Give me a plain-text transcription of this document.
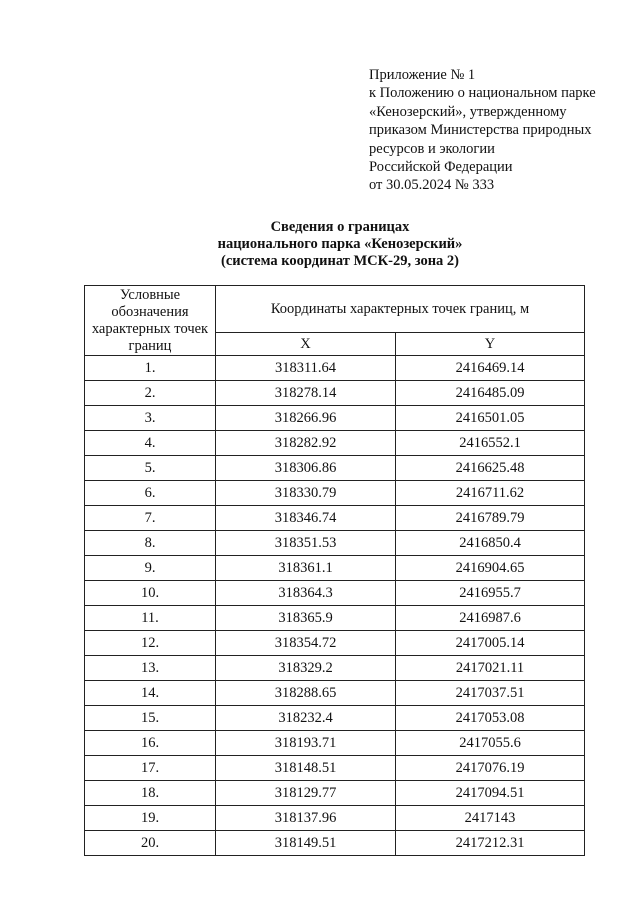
Приложение № 1
к Положению о национальном парке
«Кенозерский», утвержденному
приказом Министерства природных
ресурсов и экологии
Российской Федерации
от 30.05.2024 № 333
Сведения о границах
национального парка «Кенозерский»
(система координат МСК-29, зона 2)
Условные обозначения характерных точек границ	Координаты характерных точек границ, м	
	X	Y
1.	318311.64	2416469.14
2.	318278.14	2416485.09
3.	318266.96	2416501.05
4.	318282.92	2416552.1
5.	318306.86	2416625.48
6.	318330.79	2416711.62
7.	318346.74	2416789.79
8.	318351.53	2416850.4
9.	318361.1	2416904.65
10.	318364.3	2416955.7
11.	318365.9	2416987.6
12.	318354.72	2417005.14
13.	318329.2	2417021.11
14.	318288.65	2417037.51
15.	318232.4	2417053.08
16.	318193.71	2417055.6
17.	318148.51	2417076.19
18.	318129.77	2417094.51
19.	318137.96	2417143
20.	318149.51	2417212.31
